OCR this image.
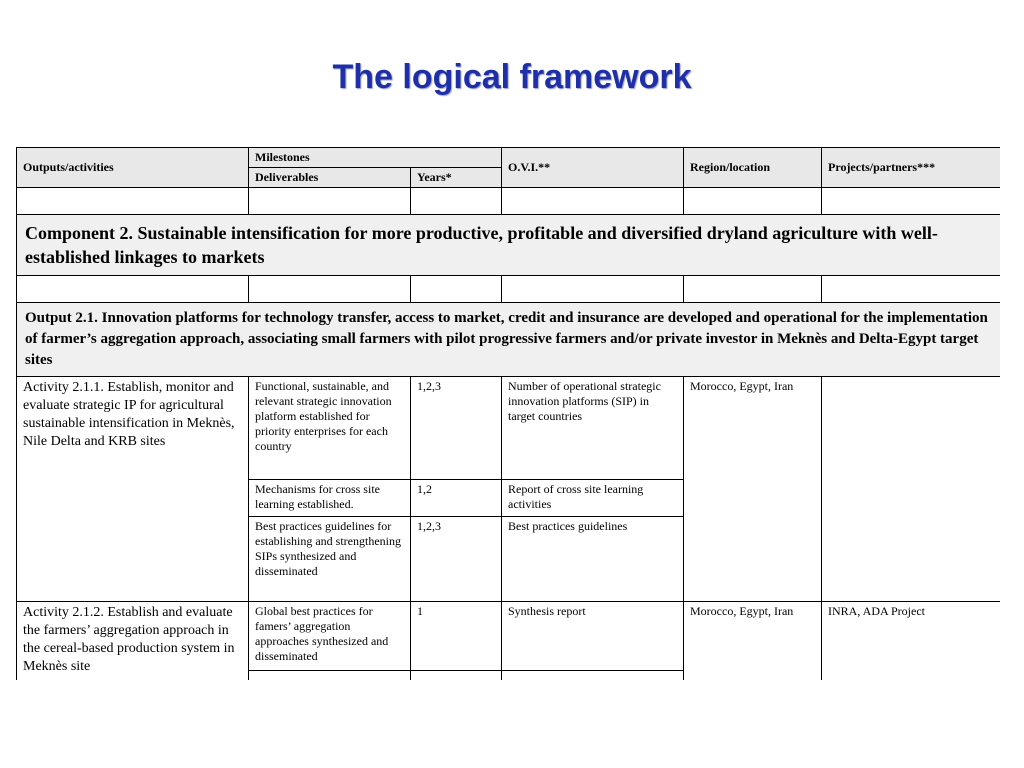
The logical framework
Outputs/activities	Milestones		O.V.I.**	Region/location	Projects/partners***
	Deliverables	Years*			

Component 2. Sustainable intensification for more productive, profitable and diversified dryland agriculture with well-established linkages to markets					

Output 2.1. Innovation platforms for technology transfer, access to market, credit and insurance are developed and operational for the implementation of farmer’s aggregation approach, associating small farmers with pilot progressive farmers and/or private investor in Meknès and Delta-Egypt target sites					
Activity 2.1.1. Establish, monitor and evaluate strategic IP for agricultural sustainable intensification in Meknès, Nile Delta and KRB sites	Functional, sustainable, and relevant strategic innovation platform established for priority enterprises for each country	1,2,3	Number of operational strategic innovation platforms (SIP) in target countries	Morocco, Egypt, Iran	
	Mechanisms for cross site learning established.	1,2	Report of cross site learning activities		
	Best practices guidelines for establishing and strengthening SIPs synthesized and disseminated	1,2,3	Best practices guidelines		
Activity 2.1.2. Establish and evaluate the farmers’ aggregation approach in the cereal-based production system in Meknès site	Global best practices for famers’ aggregation approaches synthesized and disseminated	1	Synthesis report	Morocco, Egypt, Iran	INRA, ADA Project
